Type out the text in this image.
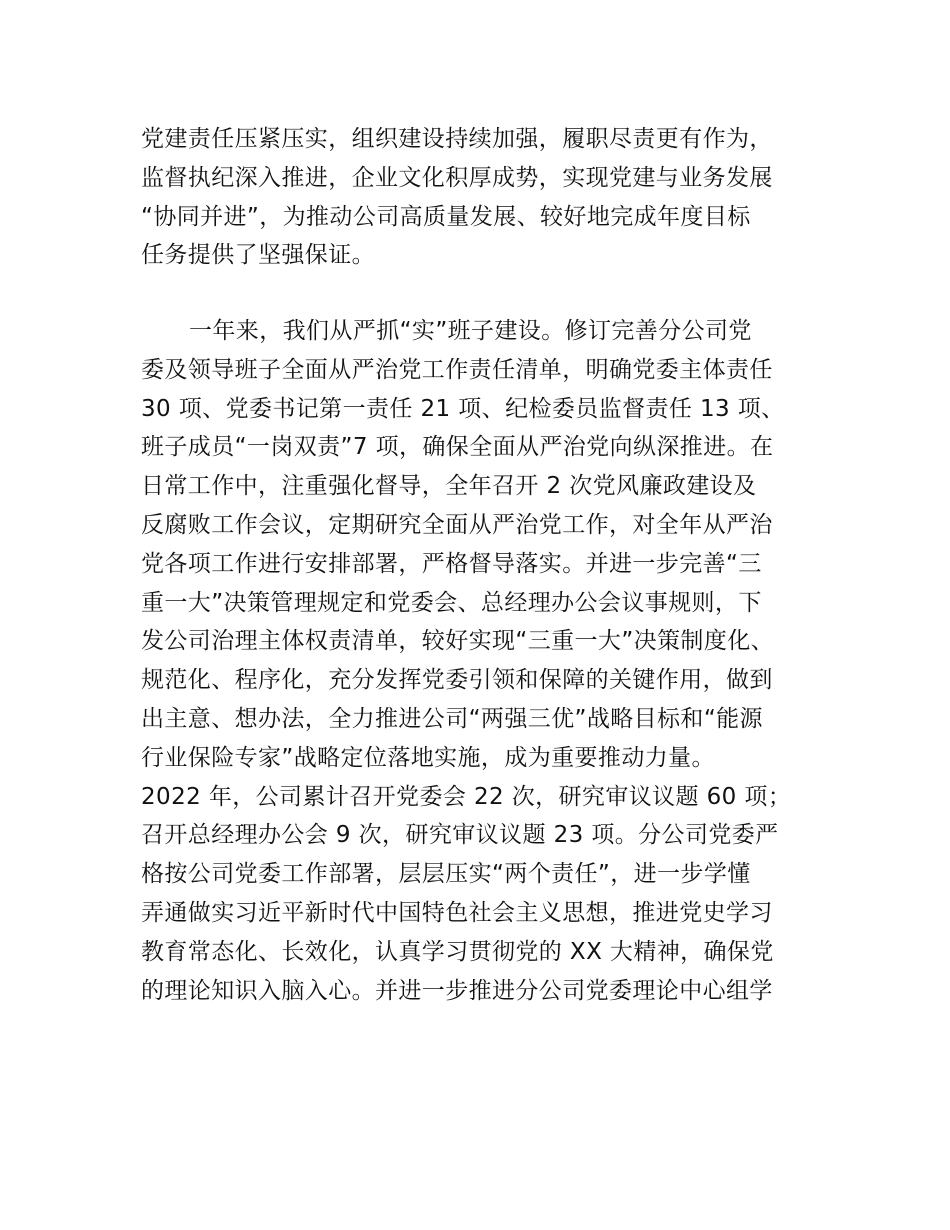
党建责任压紧压实，组织建设持续加强，履职尽责更有作为，
监督执纪深入推进，企业文化积厚成势，实现党建与业务发展
“协同并进”，为推动公司高质量发展、较好地完成年度目标
任务提供了坚强保证。
一年来，我们从严抓“实”班子建设。修订完善分公司党
委及领导班子全面从严治党工作责任清单，明确党委主体责任
30 项、党委书记第一责任 21 项、纪检委员监督责任 13 项、
班子成员“一岗双责”7 项，确保全面从严治党向纵深推进。在
日常工作中，注重强化督导，全年召开 2 次党风廉政建设及
反腐败工作会议，定期研究全面从严治党工作，对全年从严治
党各项工作进行安排部署，严格督导落实。并进一步完善“三
重一大”决策管理规定和党委会、总经理办公会议事规则，下
发公司治理主体权责清单，较好实现“三重一大”决策制度化、
规范化、程序化，充分发挥党委引领和保障的关键作用，做到
出主意、想办法，全力推进公司“两强三优”战略目标和“能源
行业保险专家”战略定位落地实施，成为重要推动力量。
2022 年，公司累计召开党委会 22 次，研究审议议题 60 项；
召开总经理办公会 9 次，研究审议议题 23 项。分公司党委严
格按公司党委工作部署，层层压实“两个责任”，进一步学懂
弄通做实习近平新时代中国特色社会主义思想，推进党史学习
教育常态化、长效化，认真学习贯彻党的 XX 大精神，确保党
的理论知识入脑入心。并进一步推进分公司党委理论中心组学
